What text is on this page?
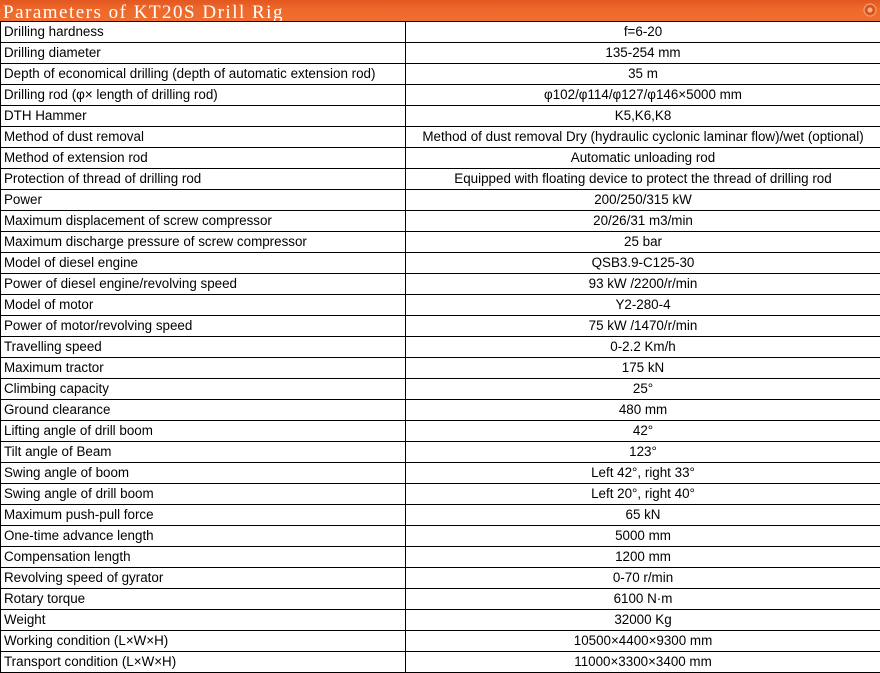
Parameters of KT20S Drill Rig
Drilling hardness	f=6-20
Drilling diameter	135-254 mm
Depth of economical drilling (depth of automatic extension rod)	35 m
Drilling rod (φ× length of drilling rod)	φ102/φ114/φ127/φ146×5000 mm
DTH Hammer	K5,K6,K8
Method of dust removal	Method of dust removal Dry (hydraulic cyclonic laminar flow)/wet (optional)
Method of extension rod	Automatic unloading rod
Protection of thread of drilling rod	Equipped with floating device to protect the thread of drilling rod
Power	200/250/315 kW
Maximum displacement of screw compressor	20/26/31 m3/min
Maximum discharge pressure of screw compressor	25 bar
Model of diesel engine	QSB3.9-C125-30
Power of diesel engine/revolving speed	93 kW /2200/r/min
Model of motor	Y2-280-4
Power of motor/revolving speed	75 kW /1470/r/min
Travelling speed	0-2.2 Km/h
Maximum tractor	175 kN
Climbing capacity	25°
Ground clearance	480 mm
Lifting angle of drill boom	42°
Tilt angle of Beam	123°
Swing angle of boom	Left 42°, right 33°
Swing angle of drill boom	Left 20°, right 40°
Maximum push-pull force	65 kN
One-time advance length	5000 mm
Compensation length	1200 mm
Revolving speed of gyrator	0-70 r/min
Rotary torque	6100 N·m
Weight	32000 Kg
Working condition (L×W×H)	10500×4400×9300 mm
Transport condition (L×W×H)	11000×3300×3400 mm
